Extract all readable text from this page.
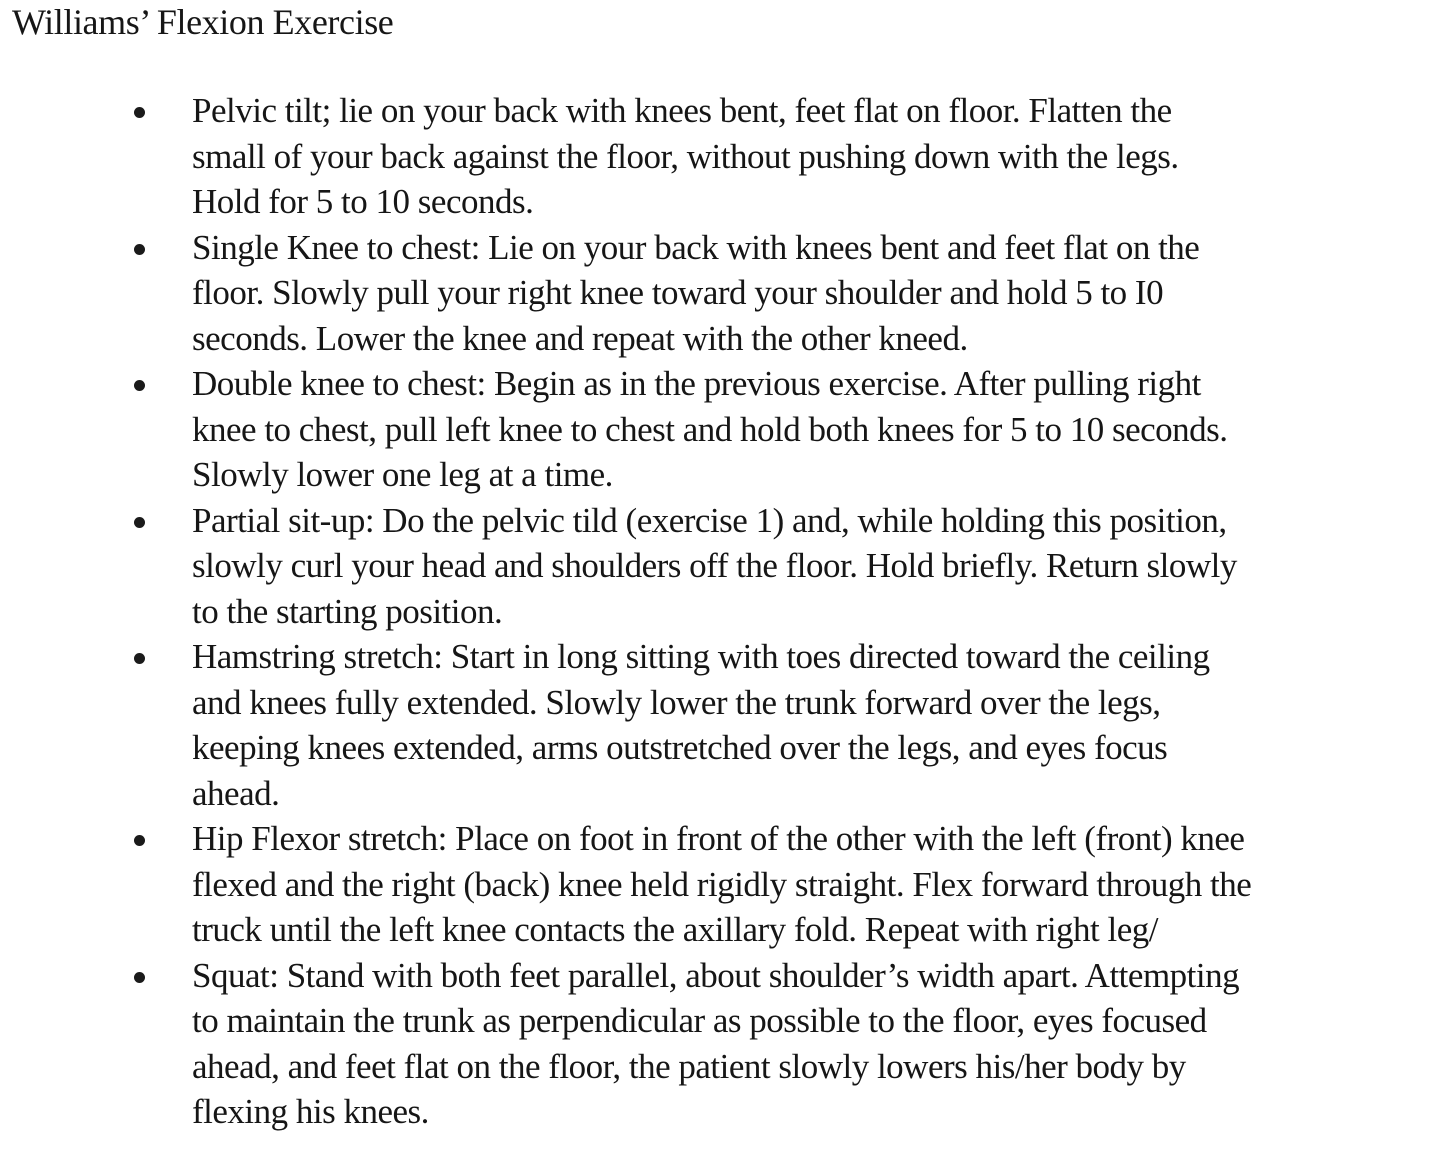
Williams’ Flexion Exercise
Pelvic tilt; lie on your back with knees bent, feet flat on floor. Flatten the
small of your back against the floor, without pushing down with the legs.
Hold for 5 to 10 seconds.
Single Knee to chest: Lie on your back with knees bent and feet flat on the
floor. Slowly pull your right knee toward your shoulder and hold 5 to I0
seconds. Lower the knee and repeat with the other kneed.
Double knee to chest: Begin as in the previous exercise. After pulling right
knee to chest, pull left knee to chest and hold both knees for 5 to 10 seconds.
Slowly lower one leg at a time.
Partial sit-up: Do the pelvic tild (exercise 1) and, while holding this position,
slowly curl your head and shoulders off the floor. Hold briefly. Return slowly
to the starting position.
Hamstring stretch: Start in long sitting with toes directed toward the ceiling
and knees fully extended. Slowly lower the trunk forward over the legs,
keeping knees extended, arms outstretched over the legs, and eyes focus
ahead.
Hip Flexor stretch: Place on foot in front of the other with the left (front) knee
flexed and the right (back) knee held rigidly straight. Flex forward through the
truck until the left knee contacts the axillary fold. Repeat with right leg/
Squat: Stand with both feet parallel, about shoulder’s width apart. Attempting
to maintain the trunk as perpendicular as possible to the floor, eyes focused
ahead, and feet flat on the floor, the patient slowly lowers his/her body by
flexing his knees.
